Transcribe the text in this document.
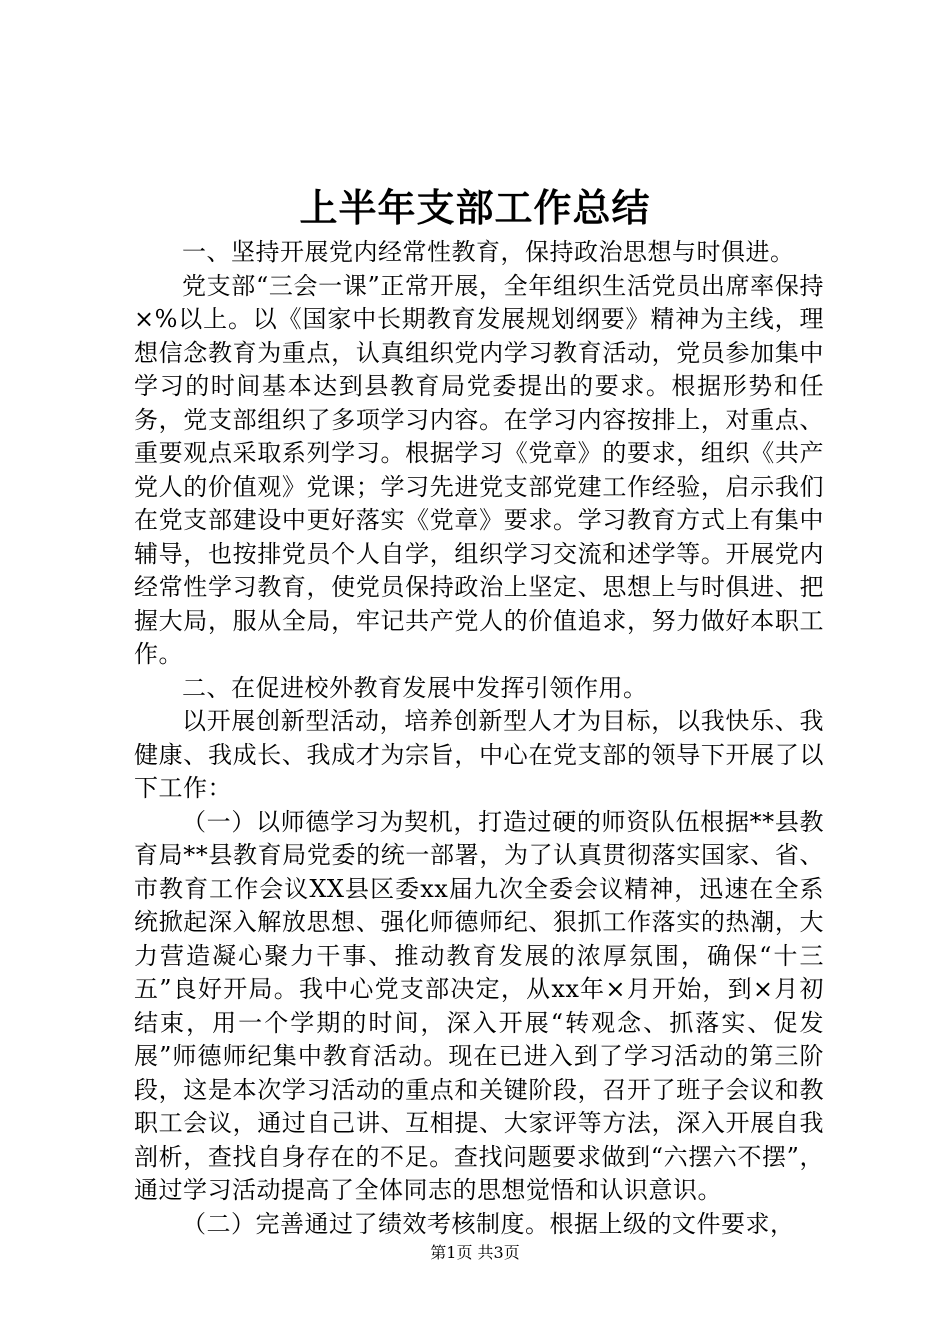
上半年支部工作总结

一、坚持开展党内经常性教育，保持政治思想与时俱进。

党支部“三会一课”正常开展，全年组织生活党员出席率保持×%以上。以《国家中长期教育发展规划纲要》精神为主线，理想信念教育为重点，认真组织党内学习教育活动，党员参加集中学习的时间基本达到县教育局党委提出的要求。根据形势和任务，党支部组织了多项学习内容。在学习内容按排上，对重点、重要观点采取系列学习。根据学习《党章》的要求，组织《共产党人的价值观》党课；学习先进党支部党建工作经验，启示我们在党支部建设中更好落实《党章》要求。学习教育方式上有集中辅导，也按排党员个人自学，组织学习交流和述学等。开展党内经常性学习教育，使党员保持政治上坚定、思想上与时俱进、把握大局，服从全局，牢记共产党人的价值追求，努力做好本职工作。

二、在促进校外教育发展中发挥引领作用。

以开展创新型活动，培养创新型人才为目标，以我快乐、我健康、我成长、我成才为宗旨，中心在党支部的领导下开展了以下工作：

（一）以师德学习为契机，打造过硬的师资队伍根据**县教育局**县教育局党委的统一部署，为了认真贯彻落实国家、省、市教育工作会议XX县区委xx届九次全委会议精神，迅速在全系统掀起深入解放思想、强化师德师纪、狠抓工作落实的热潮，大力营造凝心聚力干事、推动教育发展的浓厚氛围，确保“十三五”良好开局。我中心党支部决定，从xx年×月开始，到×月初结束，用一个学期的时间，深入开展“转观念、抓落实、促发展”师德师纪集中教育活动。现在已进入到了学习活动的第三阶段，这是本次学习活动的重点和关键阶段，召开了班子会议和教职工会议，通过自己讲、互相提、大家评等方法，深入开展自我剖析，查找自身存在的不足。查找问题要求做到“六摆六不摆”，通过学习活动提高了全体同志的思想觉悟和认识意识。

（二）完善通过了绩效考核制度。根据上级的文件要求，

第1页 共3页
